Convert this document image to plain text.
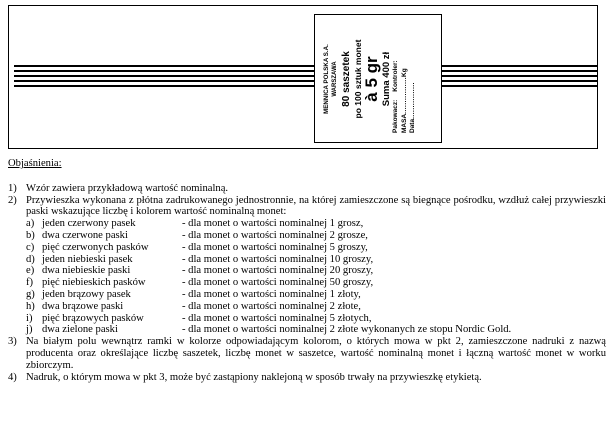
MENNICA POLSKA S.A. WARSZAWA 80 saszetek po 100 sztuk monet à 5 gr Suma 400 zł
Pakowacz:Kontroler:
MASA................Kg
Data................
Objaśnienia:
1) Wzór zawiera przykładową wartość nominalną.
2) Przywieszka wykonana z płótna zadrukowanego jednostronnie, na której zamieszczone są biegnące pośrodku, wzdłuż całej przywieszki paski wskazujące liczbę i kolorem wartość nominalną monet:
a) jeden czerwony pasek	- dla monet o wartości nominalnej 1 grosz,
b) dwa czerwone paski	- dla monet o wartości nominalnej 2 grosze,
c) pięć czerwonych pasków	- dla monet o wartości nominalnej 5 groszy,
d) jeden niebieski pasek	- dla monet o wartości nominalnej 10 groszy,
e) dwa niebieskie paski	- dla monet o wartości nominalnej 20 groszy,
f) pięć niebieskich pasków	- dla monet o wartości nominalnej 50 groszy,
g) jeden brązowy pasek	- dla monet o wartości nominalnej 1 złoty,
h) dwa brązowe paski	- dla monet o wartości nominalnej 2 złote,
i) pięć brązowych pasków	- dla monet o wartości nominalnej 5 złotych,
j) dwa zielone paski	- dla monet o wartości nominalnej 2 złote wykonanych ze stopu Nordic Gold.
3) Na białym polu wewnątrz ramki w kolorze odpowiadającym kolorom, o których mowa w pkt 2, zamieszczone nadruki z nazwą producenta oraz określające liczbę saszetek, liczbę monet w saszetce, wartość nominalną monet i łączną wartość monet w worku zbiorczym.
4) Nadruk, o którym mowa w pkt 3, może być zastąpiony naklejoną w sposób trwały na przywieszkę etykietą.
